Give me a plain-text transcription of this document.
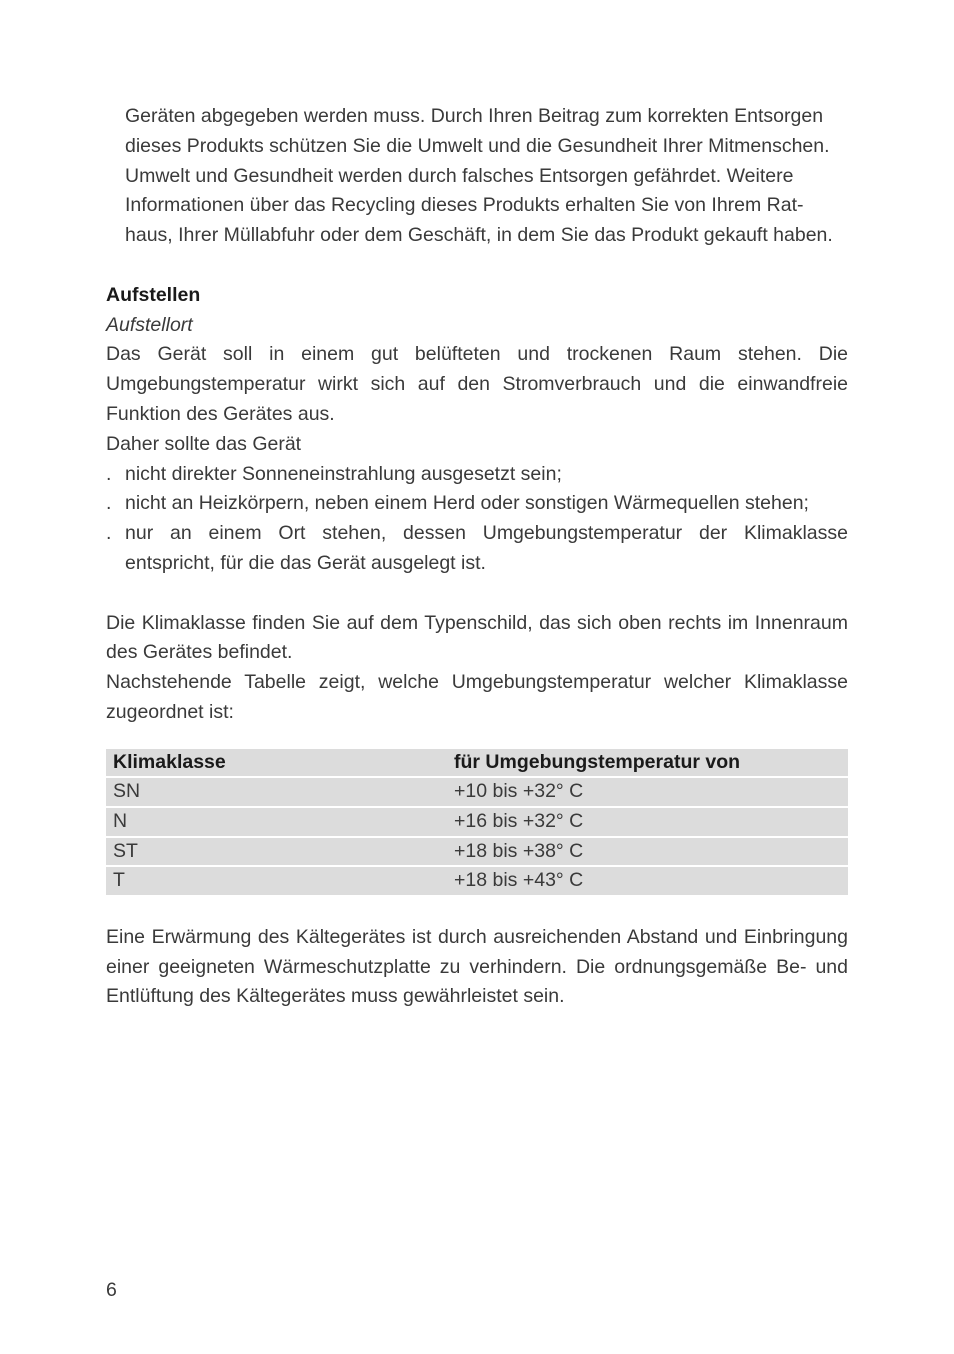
Geräten abgegeben werden muss. Durch Ihren Beitrag zum korrekten Entsorgen

dieses Produkts schützen Sie die Umwelt und die Gesundheit Ihrer Mitmenschen.

Umwelt und Gesundheit werden durch falsches Entsorgen gefährdet. Weitere

Informationen über das Recycling dieses Produkts erhalten Sie von Ihrem Rat-

haus, Ihrer Müllabfuhr oder dem Geschäft, in dem Sie das Produkt gekauft haben.

Aufstellen

Aufstellort

Das Gerät soll in einem gut belüfteten und trockenen Raum stehen. Die Umgebungstemperatur wirkt sich auf den Stromverbrauch und die einwandfreie Funktion des Gerätes aus.

Daher sollte das Gerät

. nicht direkter Sonneneinstrahlung ausgesetzt sein;
. nicht an Heizkörpern, neben einem Herd oder sonstigen Wärmequellen stehen;
. nur an einem Ort stehen, dessen Umgebungstemperatur der Klimaklasse entspricht, für die das Gerät ausgelegt ist.

Die Klimaklasse finden Sie auf dem Typenschild, das sich oben rechts im Innenraum des Gerätes befindet.

Nachstehende Tabelle zeigt, welche Umgebungstemperatur welcher Klimaklasse zugeordnet ist:

Klimaklasse	für Umgebungstemperatur von
SN	+10 bis +32° C
N	+16 bis +32° C
ST	+18 bis +38° C
T	+18 bis +43° C

Eine Erwärmung des Kältegerätes ist durch ausreichenden Abstand und Einbringung einer geeigneten Wärmeschutzplatte zu verhindern. Die ordnungsgemäße Be- und Entlüftung des Kältegerätes muss gewährleistet sein.

6
